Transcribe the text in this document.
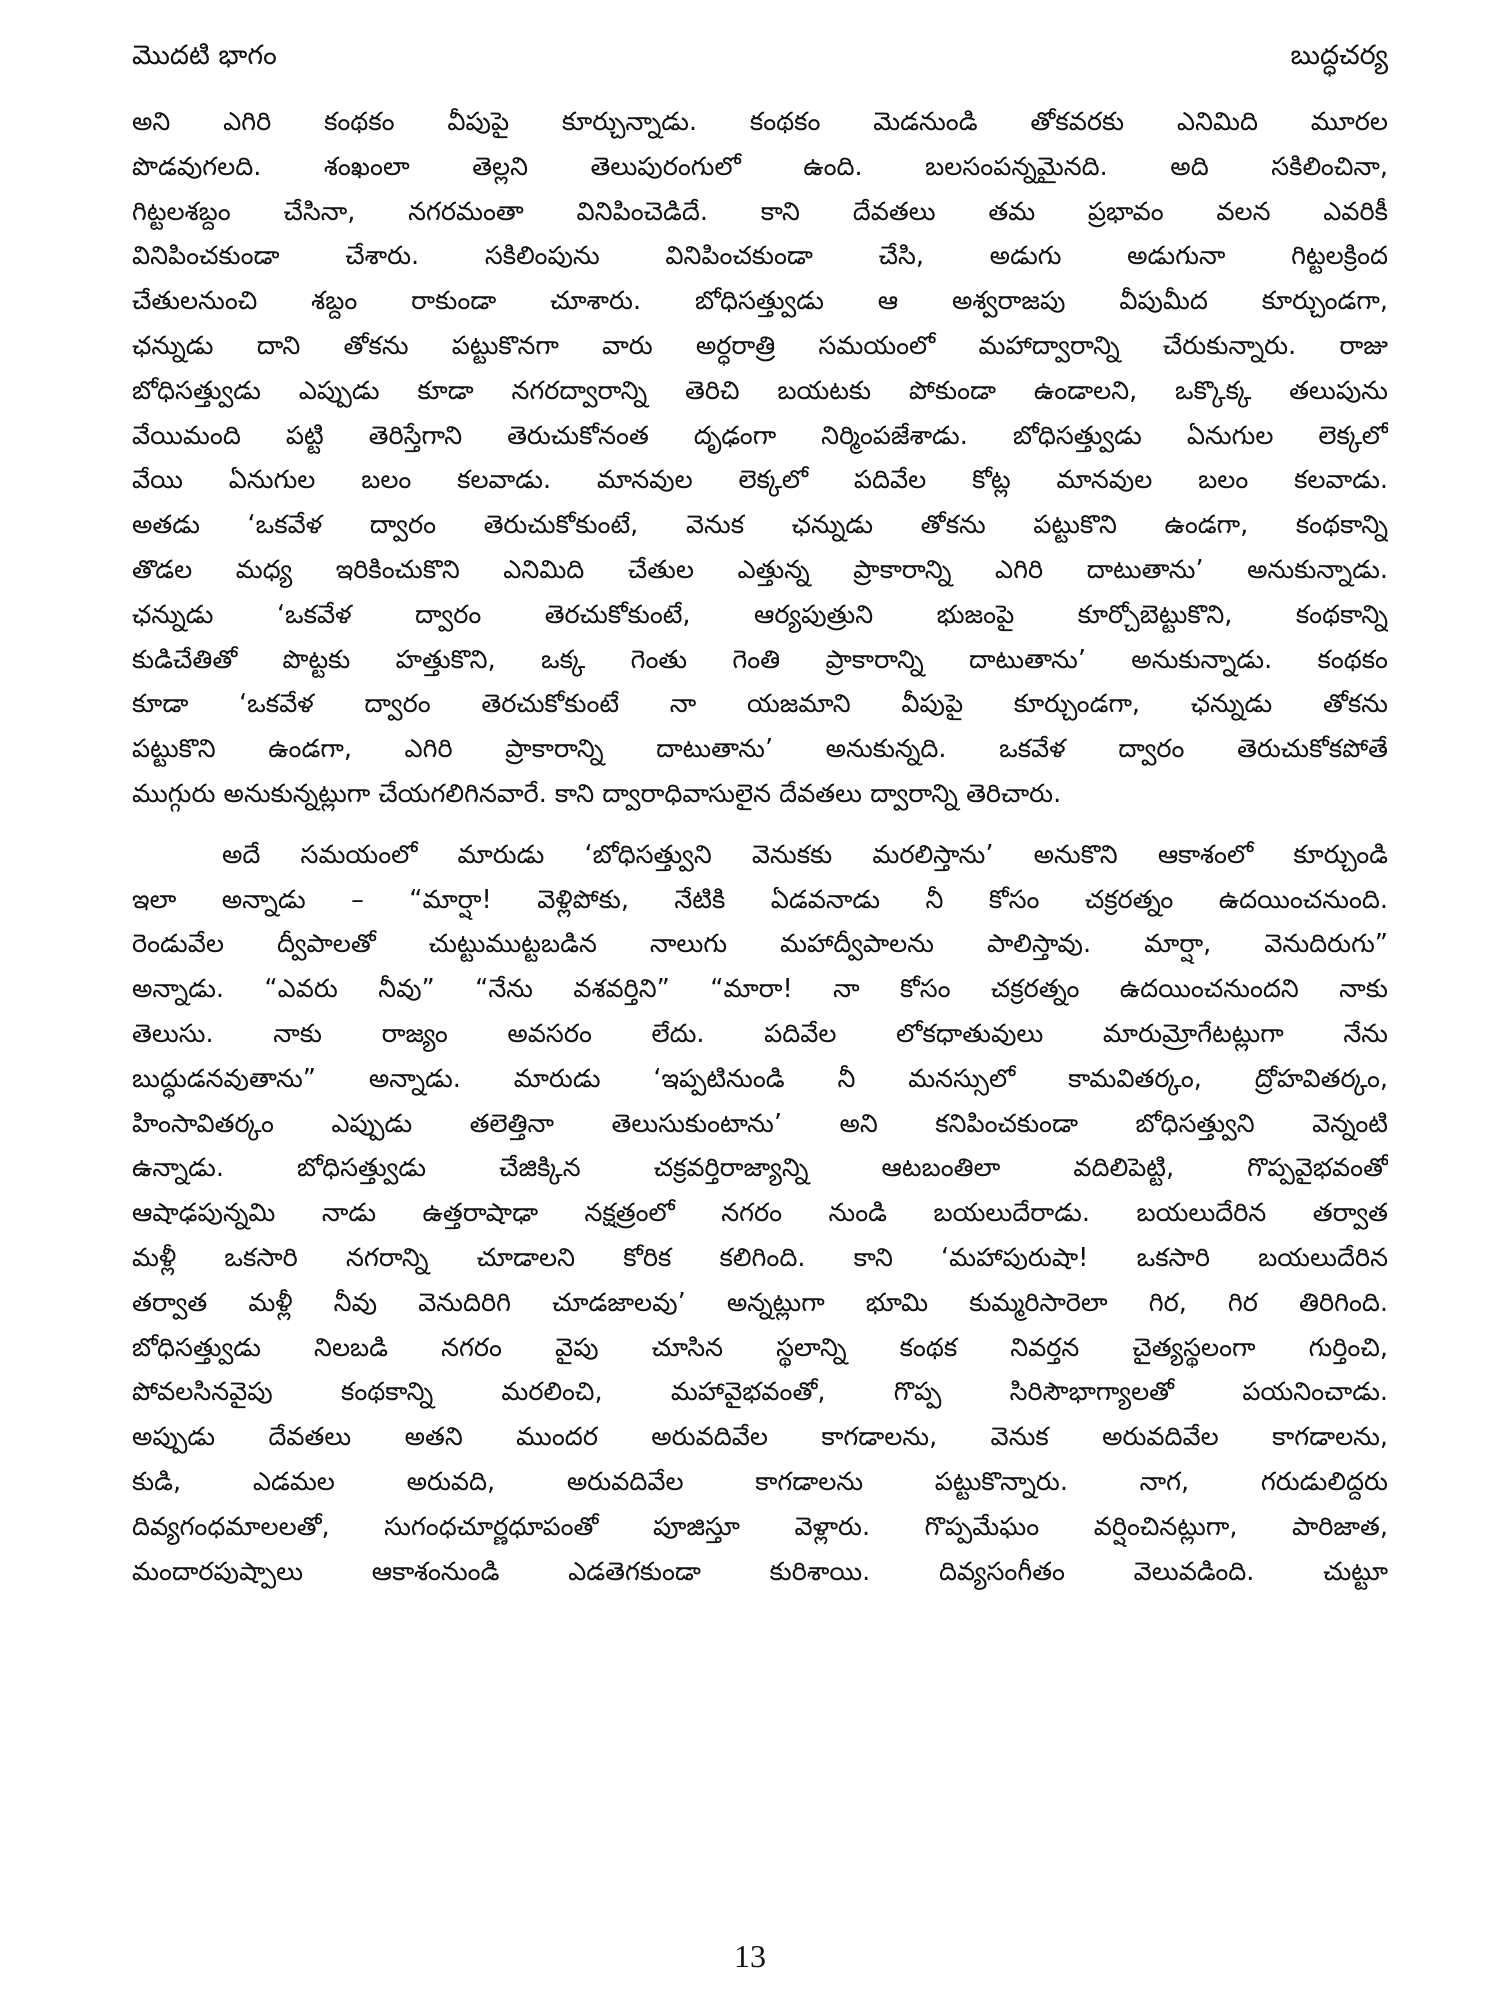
మొదటి భాగం	బుద్ధచర్య
అని ఎగిరి కంథకం వీపుపై కూర్చున్నాడు. కంథకం మెడనుండి తోకవరకు ఎనిమిది మూరల
పొడవుగలది. శంఖంలా తెల్లని తెలుపురంగులో ఉంది. బలసంపన్నమైనది. అది సకిలించినా,
గిట్టలశబ్దం చేసినా, నగరమంతా వినిపించెడిదే. కాని దేవతలు తమ ప్రభావం వలన ఎవరికీ
వినిపించకుండా చేశారు. సకిలింపును వినిపించకుండా చేసి, అడుగు అడుగునా గిట్టలక్రింద
చేతులనుంచి శబ్దం రాకుండా చూశారు. బోధిసత్త్వుడు ఆ అశ్వరాజపు వీపుమీద కూర్చుండగా,
ఛన్నుడు దాని తోకను పట్టుకొనగా వారు అర్ధరాత్రి సమయంలో మహాద్వారాన్ని చేరుకున్నారు. రాజు
బోధిసత్త్వుడు ఎప్పుడు కూడా నగరద్వారాన్ని తెరిచి బయటకు పోకుండా ఉండాలని, ఒక్కొక్క తలుపును
వేయిమంది పట్టి తెరిస్తేగాని తెరుచుకోనంత దృఢంగా నిర్మింపజేశాడు. బోధిసత్త్వుడు ఏనుగుల లెక్కలో
వేయి ఏనుగుల బలం కలవాడు. మానవుల లెక్కలో పదివేల కోట్ల మానవుల బలం కలవాడు.
అతడు ‘ఒకవేళ ద్వారం తెరుచుకోకుంటే, వెనుక ఛన్నుడు తోకను పట్టుకొని ఉండగా, కంథకాన్ని
తొడల మధ్య ఇరికించుకొని ఎనిమిది చేతుల ఎత్తున్న ప్రాకారాన్ని ఎగిరి దాటుతాను’ అనుకున్నాడు.
ఛన్నుడు ‘ఒకవేళ ద్వారం తెరచుకోకుంటే, ఆర్యపుత్రుని భుజంపై కూర్చోబెట్టుకొని, కంథకాన్ని
కుడిచేతితో పొట్టకు హత్తుకొని, ఒక్క గెంతు గెంతి ప్రాకారాన్ని దాటుతాను’ అనుకున్నాడు. కంథకం
కూడా ‘ఒకవేళ ద్వారం తెరచుకోకుంటే నా యజమాని వీపుపై కూర్చుండగా, ఛన్నుడు తోకను
పట్టుకొని ఉండగా, ఎగిరి ప్రాకారాన్ని దాటుతాను’ అనుకున్నది. ఒకవేళ ద్వారం తెరుచుకోకపోతే
ముగ్గురు అనుకున్నట్లుగా చేయగలిగినవారే. కాని ద్వారాధివాసులైన దేవతలు ద్వారాన్ని తెరిచారు.
అదే సమయంలో మారుడు ‘బోధిసత్త్వుని వెనుకకు మరలిస్తాను’ అనుకొని ఆకాశంలో కూర్చుండి
ఇలా అన్నాడు – “మార్షా! వెళ్లిపోకు, నేటికి ఏడవనాడు నీ కోసం చక్రరత్నం ఉదయించనుంది.
రెండువేల ద్వీపాలతో చుట్టుముట్టబడిన నాలుగు మహాద్వీపాలను పాలిస్తావు. మార్షా, వెనుదిరుగు”
అన్నాడు. “ఎవరు నీవు” “నేను వశవర్తిని” “మారా! నా కోసం చక్రరత్నం ఉదయించనుందని నాకు
తెలుసు. నాకు రాజ్యం అవసరం లేదు. పదివేల లోకధాతువులు మారుమ్రోగేటట్లుగా నేను
బుద్ధుడనవుతాను” అన్నాడు. మారుడు ‘ఇప్పటినుండి నీ మనస్సులో కామవితర్కం, ద్రోహవితర్కం,
హింసావితర్కం ఎప్పుడు తలెత్తినా తెలుసుకుంటాను’ అని కనిపించకుండా బోధిసత్త్వుని వెన్నంటి
ఉన్నాడు. బోధిసత్త్వుడు చేజిక్కిన చక్రవర్తిరాజ్యాన్ని ఆటబంతిలా వదిలిపెట్టి, గొప్పవైభవంతో
ఆషాఢపున్నమి నాడు ఉత్తరాషాఢా నక్షత్రంలో నగరం నుండి బయలుదేరాడు. బయలుదేరిన తర్వాత
మళ్లీ ఒకసారి నగరాన్ని చూడాలని కోరిక కలిగింది. కాని ‘మహాపురుషా! ఒకసారి బయలుదేరిన
తర్వాత మళ్లీ నీవు వెనుదిరిగి చూడజాలవు’ అన్నట్లుగా భూమి కుమ్మరిసారెలా గిర, గిర తిరిగింది.
బోధిసత్త్వుడు నిలబడి నగరం వైపు చూసిన స్థలాన్ని కంథక నివర్తన చైత్యస్థలంగా గుర్తించి,
పోవలసినవైపు కంథకాన్ని మరలించి, మహావైభవంతో, గొప్ప సిరిసౌభాగ్యాలతో పయనించాడు.
అప్పుడు దేవతలు అతని ముందర అరువదివేల కాగడాలను, వెనుక అరువదివేల కాగడాలను,
కుడి, ఎడమల అరువది, అరువదివేల కాగడాలను పట్టుకొన్నారు. నాగ, గరుడులిద్దరు
దివ్యగంధమాలలతో, సుగంధచూర్ణధూపంతో పూజిస్తూ వెళ్లారు. గొప్పమేఘం వర్షించినట్లుగా, పారిజాత,
మందారపుష్పాలు ఆకాశంనుండి ఎడతెగకుండా కురిశాయి. దివ్యసంగీతం వెలువడింది. చుట్టూ
13
